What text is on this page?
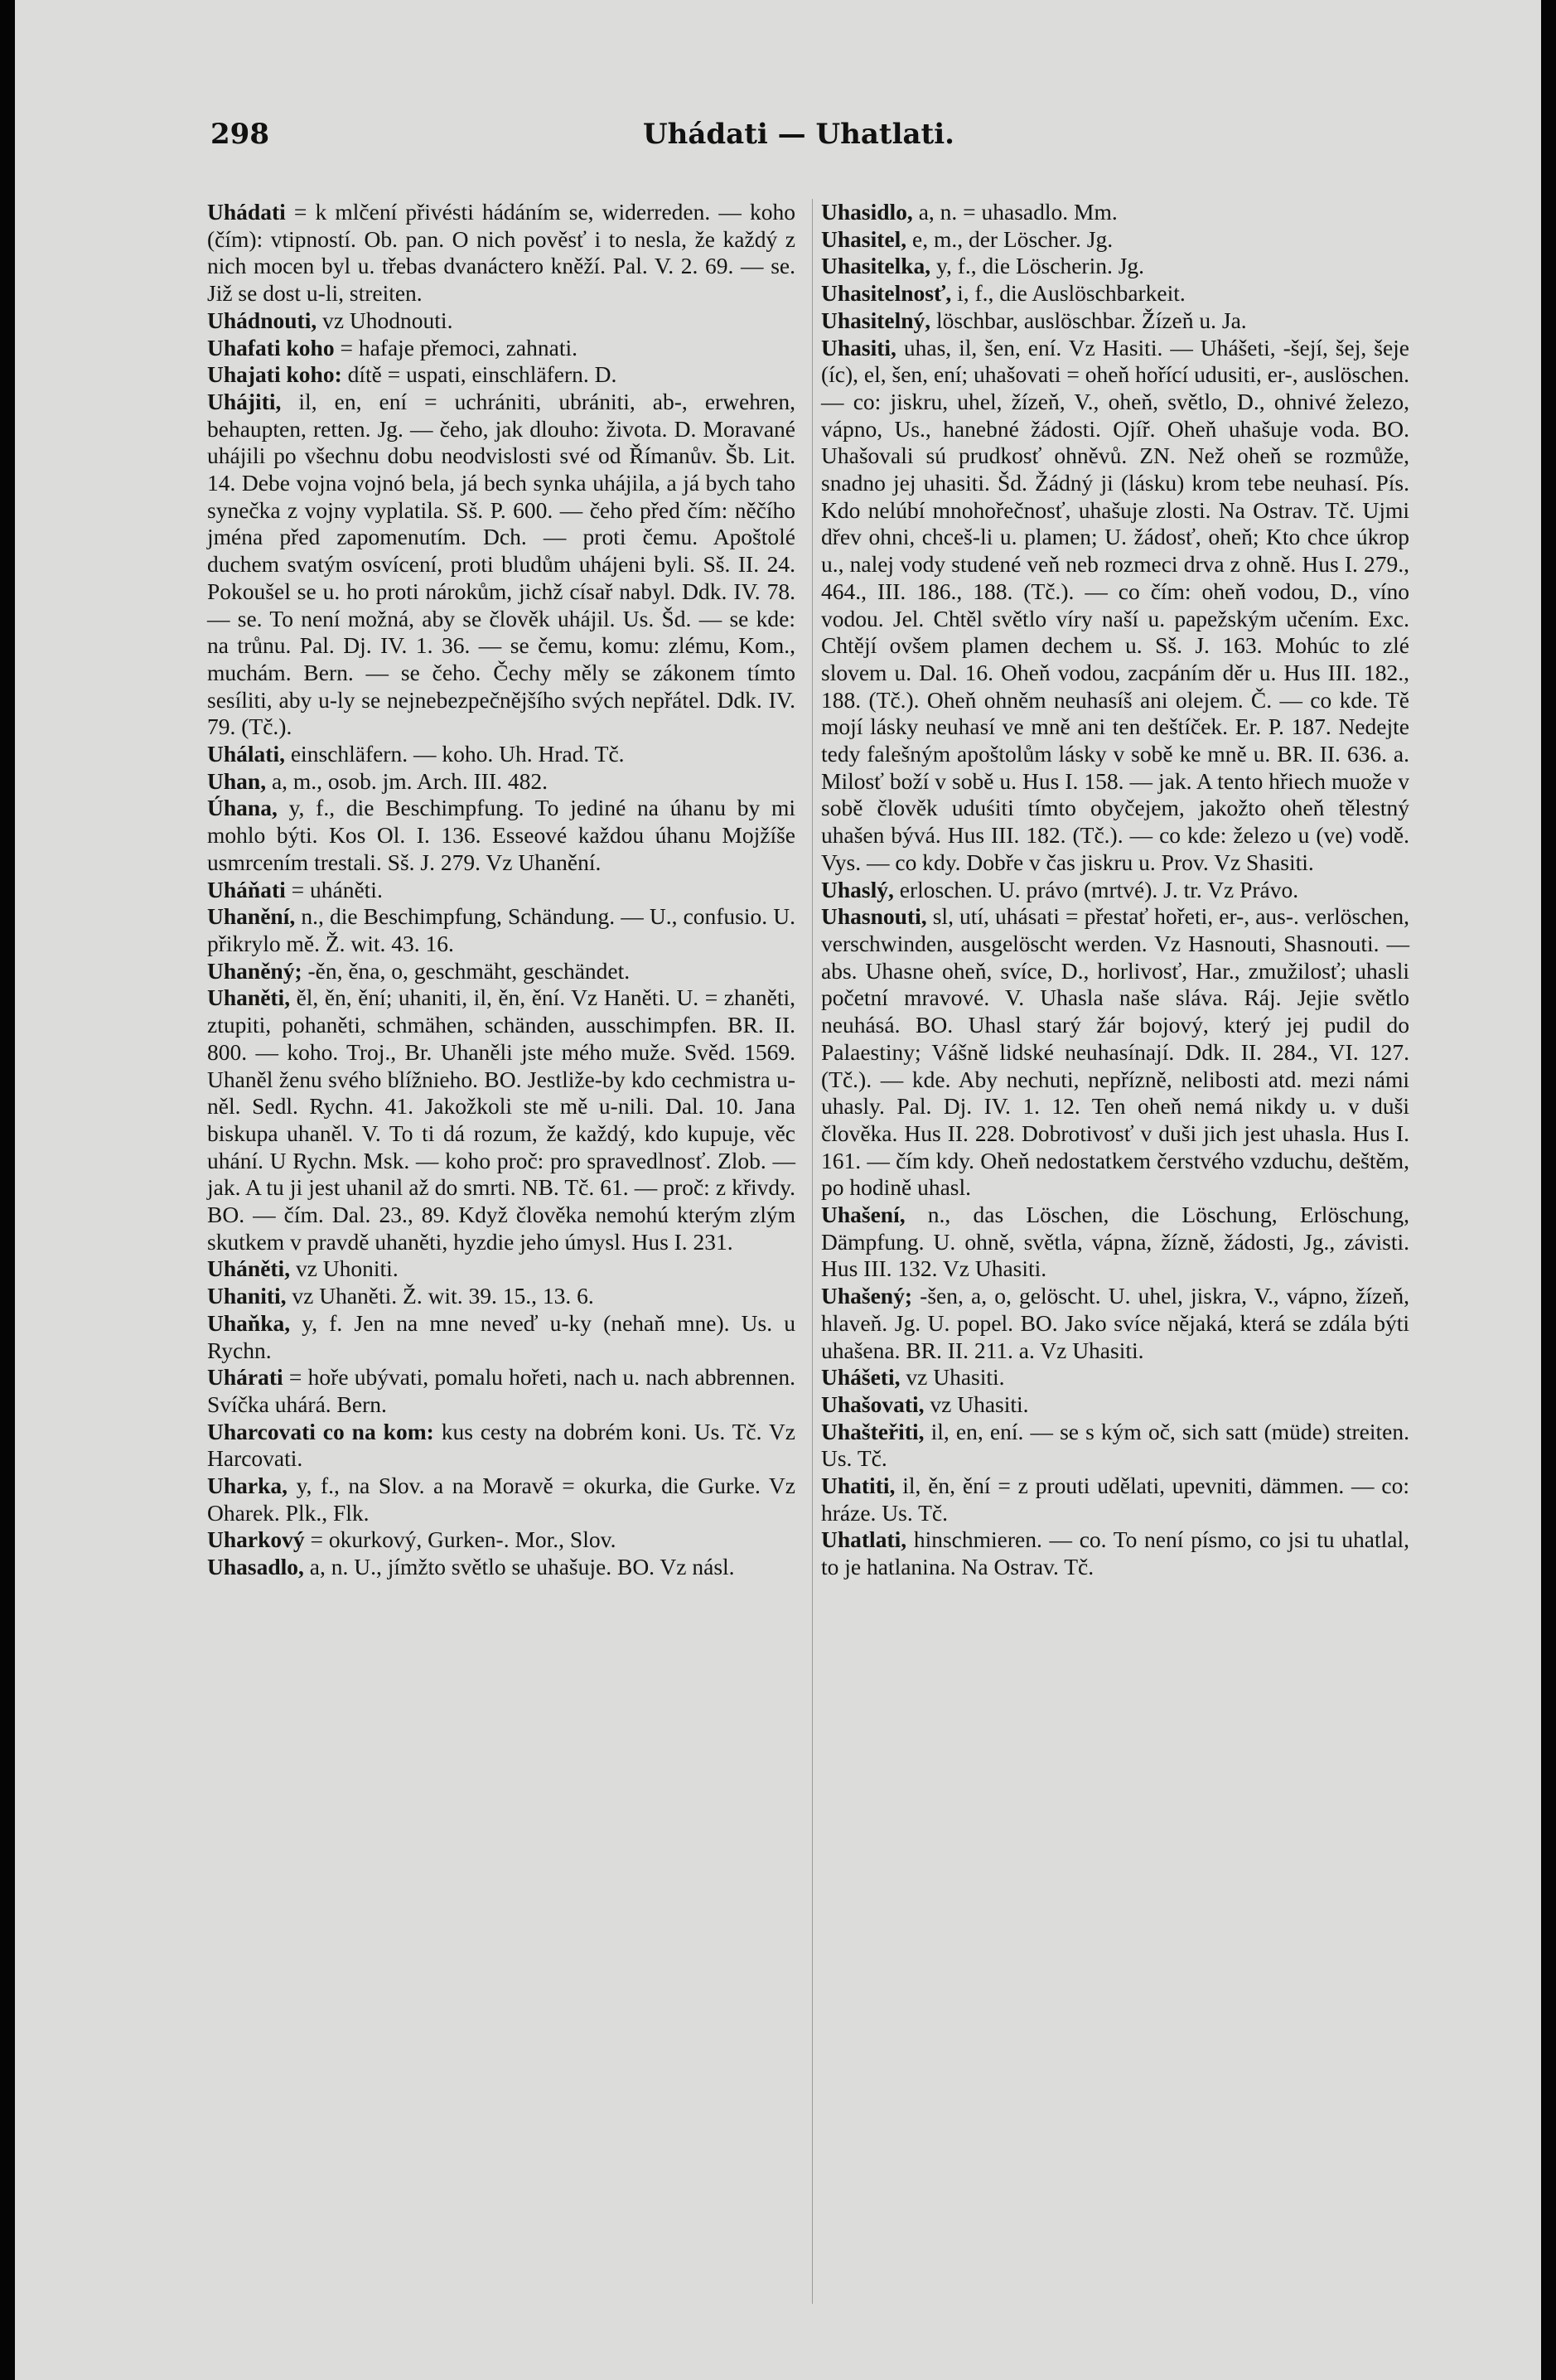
298	Uhádati — Uhatlati.

Uhádati = k mlčení přivésti hádáním se, widerreden. — koho (čím): vtipností. Ob. pan. O nich pověsť i to nesla, že každý z nich mocen byl u. třebas dvanáctero kněží. Pal. V. 2. 69. — se. Již se dost u-li, streiten.

Uhádnouti, vz Uhodnouti.

Uhafati koho = hafaje přemoci, zahnati.

Uhajati koho: dítě = uspati, einschläfern. D.

Uhájiti, il, en, ení = uchrániti, ubrániti, ab-, erwehren, behaupten, retten. Jg. — čeho, jak dlouho: života. D. Moravané uhájili po všechnu dobu neodvislosti své od Římanův. Šb. Lit. 14. Debe vojna vojnó bela, já bech synka uhájila, a já bych taho synečka z vojny vyplatila. Sš. P. 600. — čeho před čím: něčího jména před zapomenutím. Dch. — proti čemu. Apoštolé duchem svatým osvícení, proti bludům uhájeni byli. Sš. II. 24. Pokoušel se u. ho proti nárokům, jichž císař nabyl. Ddk. IV. 78. — se. To není možná, aby se člověk uhájil. Us. Šd. — se kde: na trůnu. Pal. Dj. IV. 1. 36. — se čemu, komu: zlému, Kom., muchám. Bern. — se čeho. Čechy měly se zákonem tímto sesíliti, aby u-ly se nejnebezpečnějšího svých nepřátel. Ddk. IV. 79. (Tč.).

Uhálati, einschläfern. — koho. Uh. Hrad. Tč.

Uhan, a, m., osob. jm. Arch. III. 482.

Úhana, y, f., die Beschimpfung. To jediné na úhanu by mi mohlo býti. Kos Ol. I. 136. Esseové každou úhanu Mojžíše usmrcením trestali. Sš. J. 279. Vz Uhanění.

Uháňati = uháněti.

Uhanění, n., die Beschimpfung, Schändung. — U., confusio. U. přikrylo mě. Ž. wit. 43. 16.

Uhaněný; -ěn, ěna, o, geschmäht, geschändet.

Uhaněti, ěl, ěn, ění; uhaniti, il, ěn, ění. Vz Haněti. U. = zhaněti, ztupiti, pohaněti, schmähen, schänden, ausschimpfen. BR. II. 800. — koho. Troj., Br. Uhaněli jste mého muže. Svěd. 1569. Uhaněl ženu svého blížnieho. BO. Jestliže-by kdo cechmistra u-něl. Sedl. Rychn. 41. Jakožkoli ste mě u-nili. Dal. 10. Jana biskupa uhaněl. V. To ti dá rozum, že každý, kdo kupuje, věc uhání. U Rychn. Msk. — koho proč: pro spravedlnosť. Zlob. — jak. A tu ji jest uhanil až do smrti. NB. Tč. 61. — proč: z křivdy. BO. — čím. Dal. 23., 89. Když člověka nemohú kterým zlým skutkem v pravdě uhaněti, hyzdie jeho úmysl. Hus I. 231.

Uháněti, vz Uhoniti.

Uhaniti, vz Uhaněti. Ž. wit. 39. 15., 13. 6.

Uhaňka, y, f. Jen na mne neveď u-ky (nehaň mne). Us. u Rychn.

Uhárati = hoře ubývati, pomalu hořeti, nach u. nach abbrennen. Svíčka uhárá. Bern.

Uharcovati co na kom: kus cesty na dobrém koni. Us. Tč. Vz Harcovati.

Uharka, y, f., na Slov. a na Moravě = okurka, die Gurke. Vz Oharek. Plk., Flk.

Uharkový = okurkový, Gurken-. Mor., Slov.

Uhasadlo, a, n. U., jímžto světlo se uhašuje. BO. Vz násl.

Uhasidlo, a, n. = uhasadlo. Mm.

Uhasitel, e, m., der Löscher. Jg.

Uhasitelka, y, f., die Löscherin. Jg.

Uhasitelnosť, i, f., die Auslöschbarkeit.

Uhasitelný, löschbar, auslöschbar. Žízeň u. Ja.

Uhasiti, uhas, il, šen, ení. Vz Hasiti. — Uhášeti, -šejí, šej, šeje (íc), el, šen, ení; uhašovati = oheň hořící udusiti, er-, auslöschen. — co: jiskru, uhel, žízeň, V., oheň, světlo, D., ohnivé železo, vápno, Us., hanebné žádosti. Ojíř. Oheň uhašuje voda. BO. Uhašovali sú prudkosť ohněvů. ZN. Než oheň se rozmůže, snadno jej uhasiti. Šd. Žádný ji (lásku) krom tebe neuhasí. Pís. Kdo nelúbí mnohořečnosť, uhašuje zlosti. Na Ostrav. Tč. Ujmi dřev ohni, chceš-li u. plamen; U. žádosť, oheň; Kto chce úkrop u., nalej vody studené veň neb rozmeci drva z ohně. Hus I. 279., 464., III. 186., 188. (Tč.). — co čím: oheň vodou, D., víno vodou. Jel. Chtěl světlo víry naší u. papežským učením. Exc. Chtějí ovšem plamen dechem u. Sš. J. 163. Mohúc to zlé slovem u. Dal. 16. Oheň vodou, zacpáním děr u. Hus III. 182., 188. (Tč.). Oheň ohněm neuhasíš ani olejem. Č. — co kde. Tě mojí lásky neuhasí ve mně ani ten deštíček. Er. P. 187. Nedejte tedy falešným apoštolům lásky v sobě ke mně u. BR. II. 636. a. Milosť boží v sobě u. Hus I. 158. — jak. A tento hřiech muože v sobě člověk uduśiti tímto obyčejem, jakožto oheň tělestný uhašen bývá. Hus III. 182. (Tč.). — co kde: železo u (ve) vodě. Vys. — co kdy. Dobře v čas jiskru u. Prov. Vz Shasiti.

Uhaslý, erloschen. U. právo (mrtvé). J. tr. Vz Právo.

Uhasnouti, sl, utí, uhásati = přestať hořeti, er-, aus-. verlöschen, verschwinden, ausgelöscht werden. Vz Hasnouti, Shasnouti. — abs. Uhasne oheň, svíce, D., horlivosť, Har., zmužilosť; uhasli početní mravové. V. Uhasla naše sláva. Ráj. Jejie světlo neuhásá. BO. Uhasl starý žár bojový, který jej pudil do Palaestiny; Vášně lidské neuhasínají. Ddk. II. 284., VI. 127. (Tč.). — kde. Aby nechuti, nepřízně, nelibosti atd. mezi námi uhasly. Pal. Dj. IV. 1. 12. Ten oheň nemá nikdy u. v duši člověka. Hus II. 228. Dobrotivosť v duši jich jest uhasla. Hus I. 161. — čím kdy. Oheň nedostatkem čerstvého vzduchu, deštěm, po hodině uhasl.

Uhašení, n., das Löschen, die Löschung, Erlöschung, Dämpfung. U. ohně, světla, vápna, žízně, žádosti, Jg., závisti. Hus III. 132. Vz Uhasiti.

Uhašený; -šen, a, o, gelöscht. U. uhel, jiskra, V., vápno, žízeň, hlaveň. Jg. U. popel. BO. Jako svíce nějaká, která se zdála býti uhašena. BR. II. 211. a. Vz Uhasiti.

Uhášeti, vz Uhasiti.

Uhašovati, vz Uhasiti.

Uhašteřiti, il, en, ení. — se s kým oč, sich satt (müde) streiten. Us. Tč.

Uhatiti, il, ěn, ění = z prouti udělati, upevniti, dämmen. — co: hráze. Us. Tč.

Uhatlati, hinschmieren. — co. To není písmo, co jsi tu uhatlal, to je hatlanina. Na Ostrav. Tč.
